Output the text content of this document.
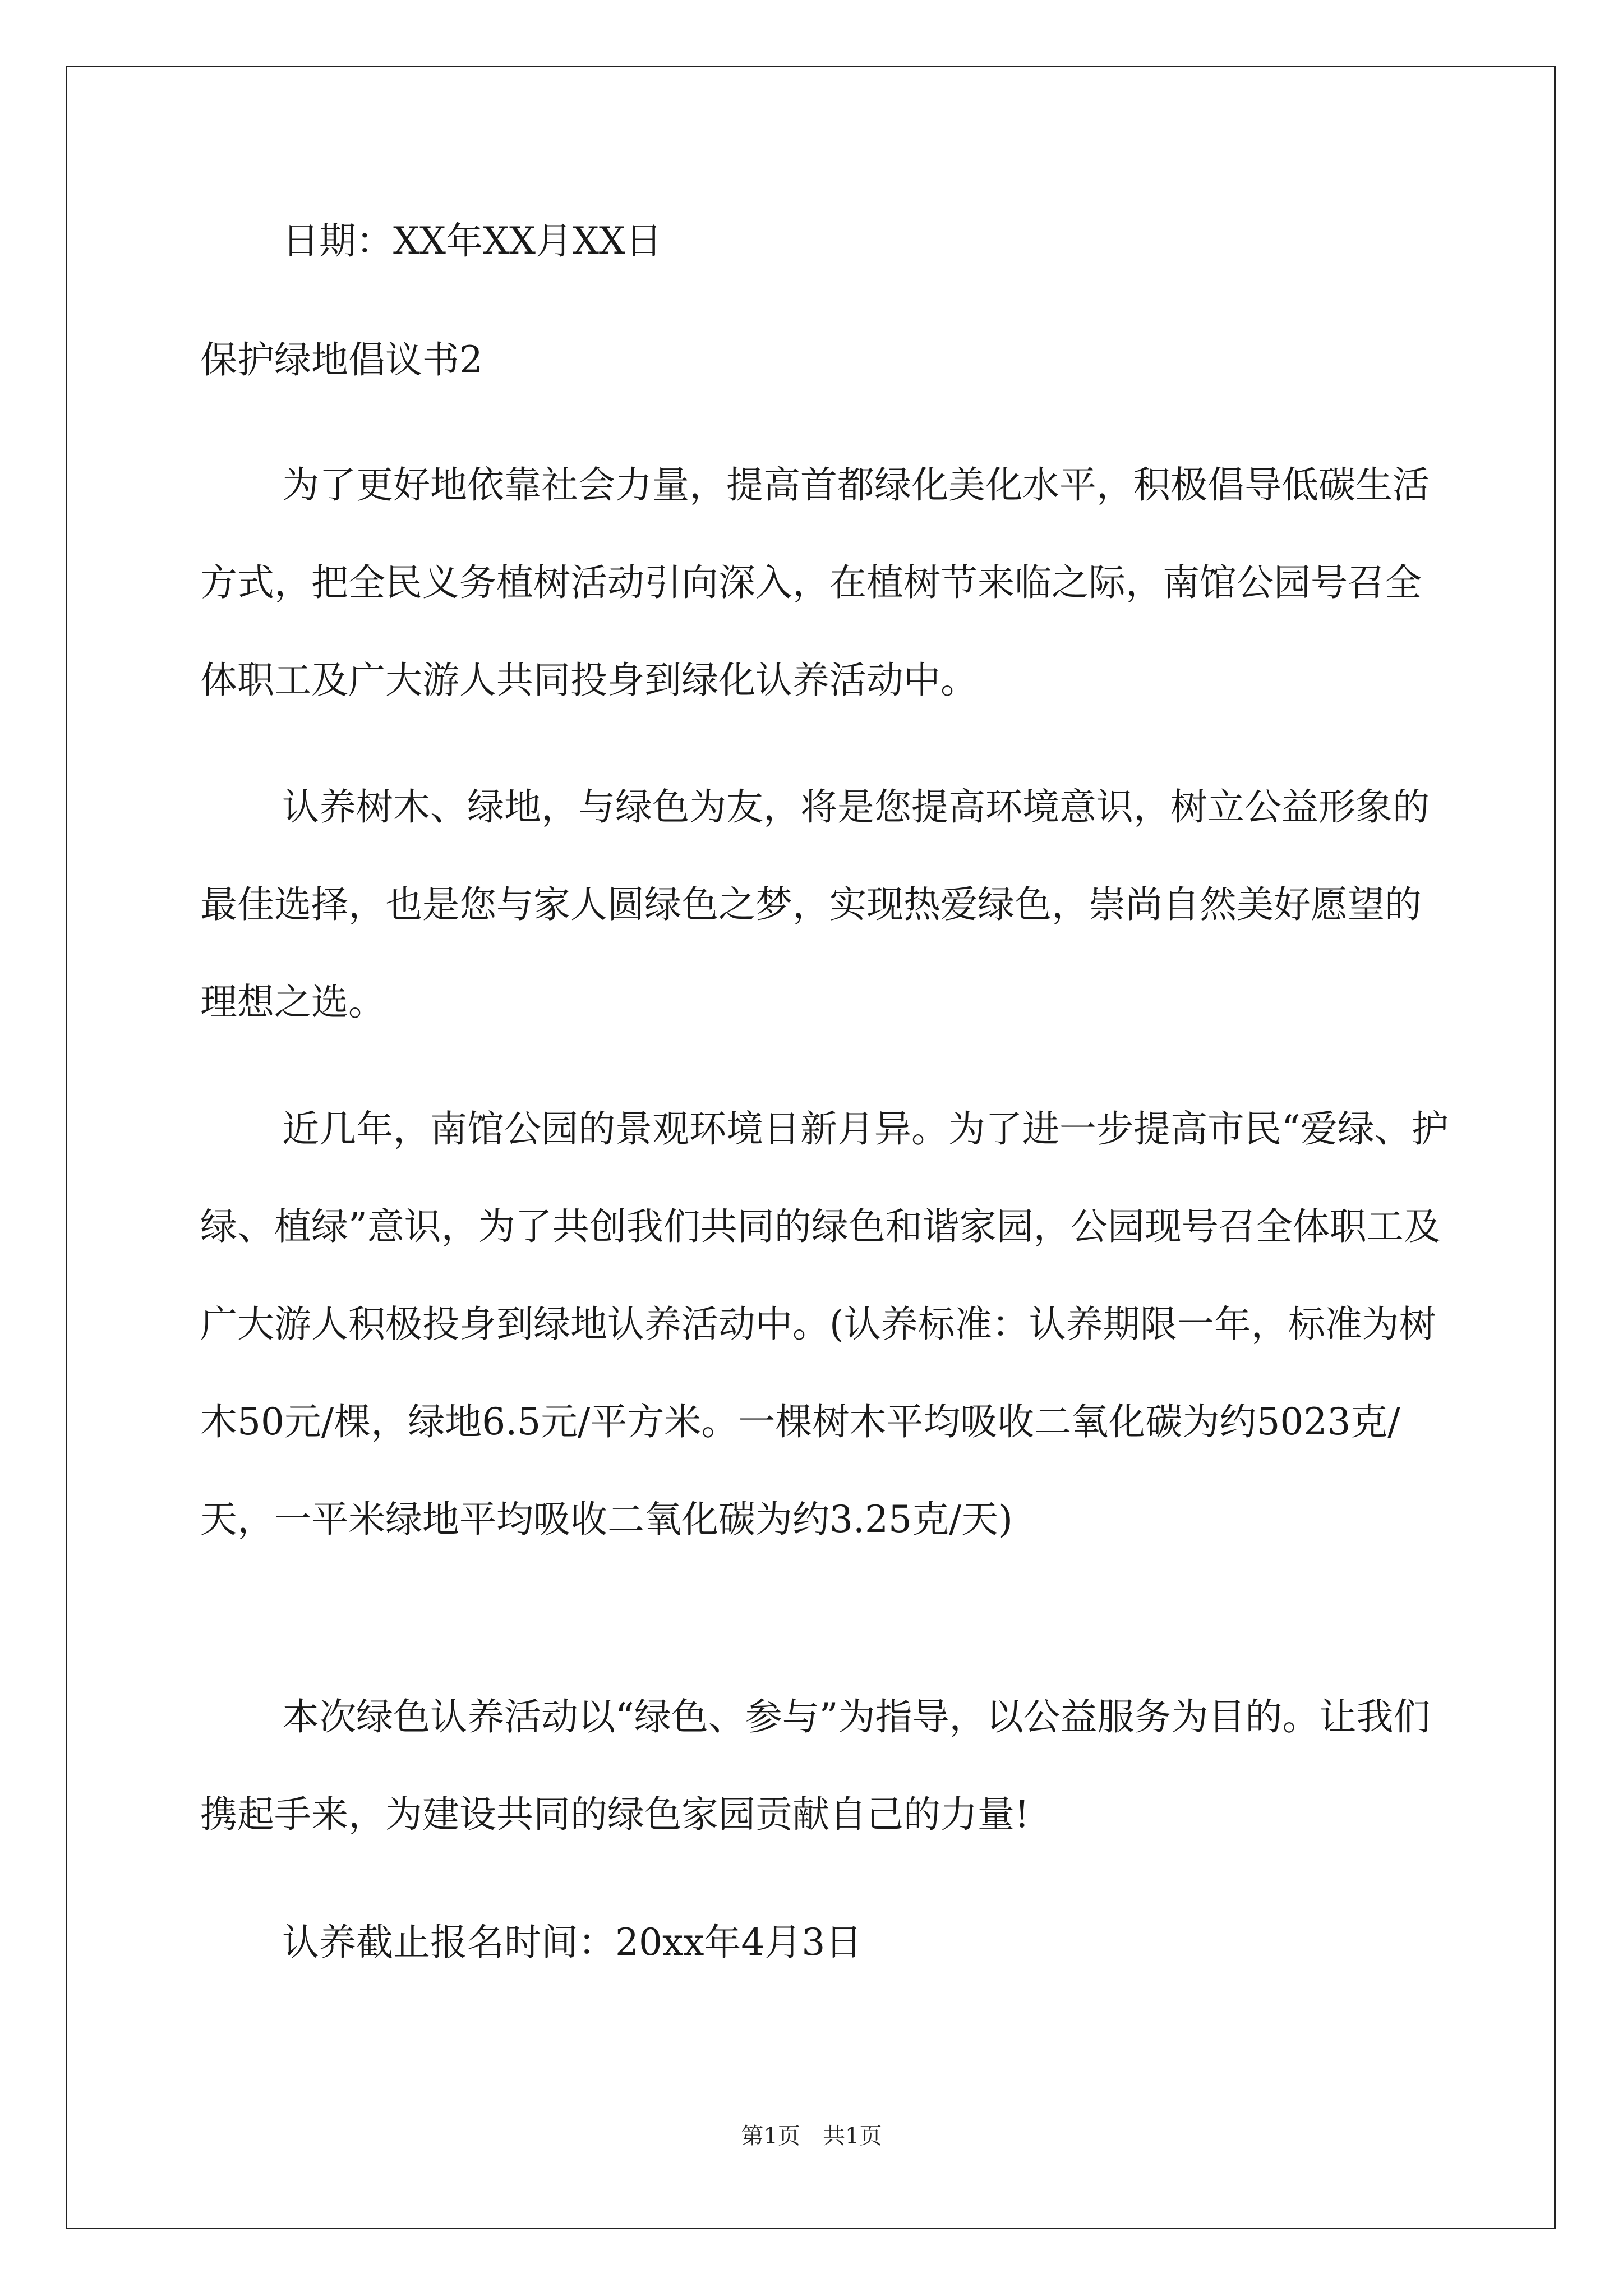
日期：XX年XX月XX日
保护绿地倡议书2
为了更好地依靠社会力量，提高首都绿化美化水平，积极倡导低碳生活方式，把全民义务植树活动引向深入，在植树节来临之际，南馆公园号召全体职工及广大游人共同投身到绿化认养活动中。
认养树木、绿地，与绿色为友，将是您提高环境意识，树立公益形象的最佳选择，也是您与家人圆绿色之梦，实现热爱绿色，崇尚自然美好愿望的理想之选。
近几年，南馆公园的景观环境日新月异。为了进一步提高市民“爱绿、护绿、植绿”意识，为了共创我们共同的绿色和谐家园，公园现号召全体职工及广大游人积极投身到绿地认养活动中。(认养标准：认养期限一年，标准为树木50元/棵，绿地6.5元/平方米。一棵树木平均吸收二氧化碳为约5023克/天，一平米绿地平均吸收二氧化碳为约3.25克/天)
本次绿色认养活动以“绿色、参与”为指导，以公益服务为目的。让我们携起手来，为建设共同的绿色家园贡献自己的力量!
认养截止报名时间：20xx年4月3日
第1页　共1页
